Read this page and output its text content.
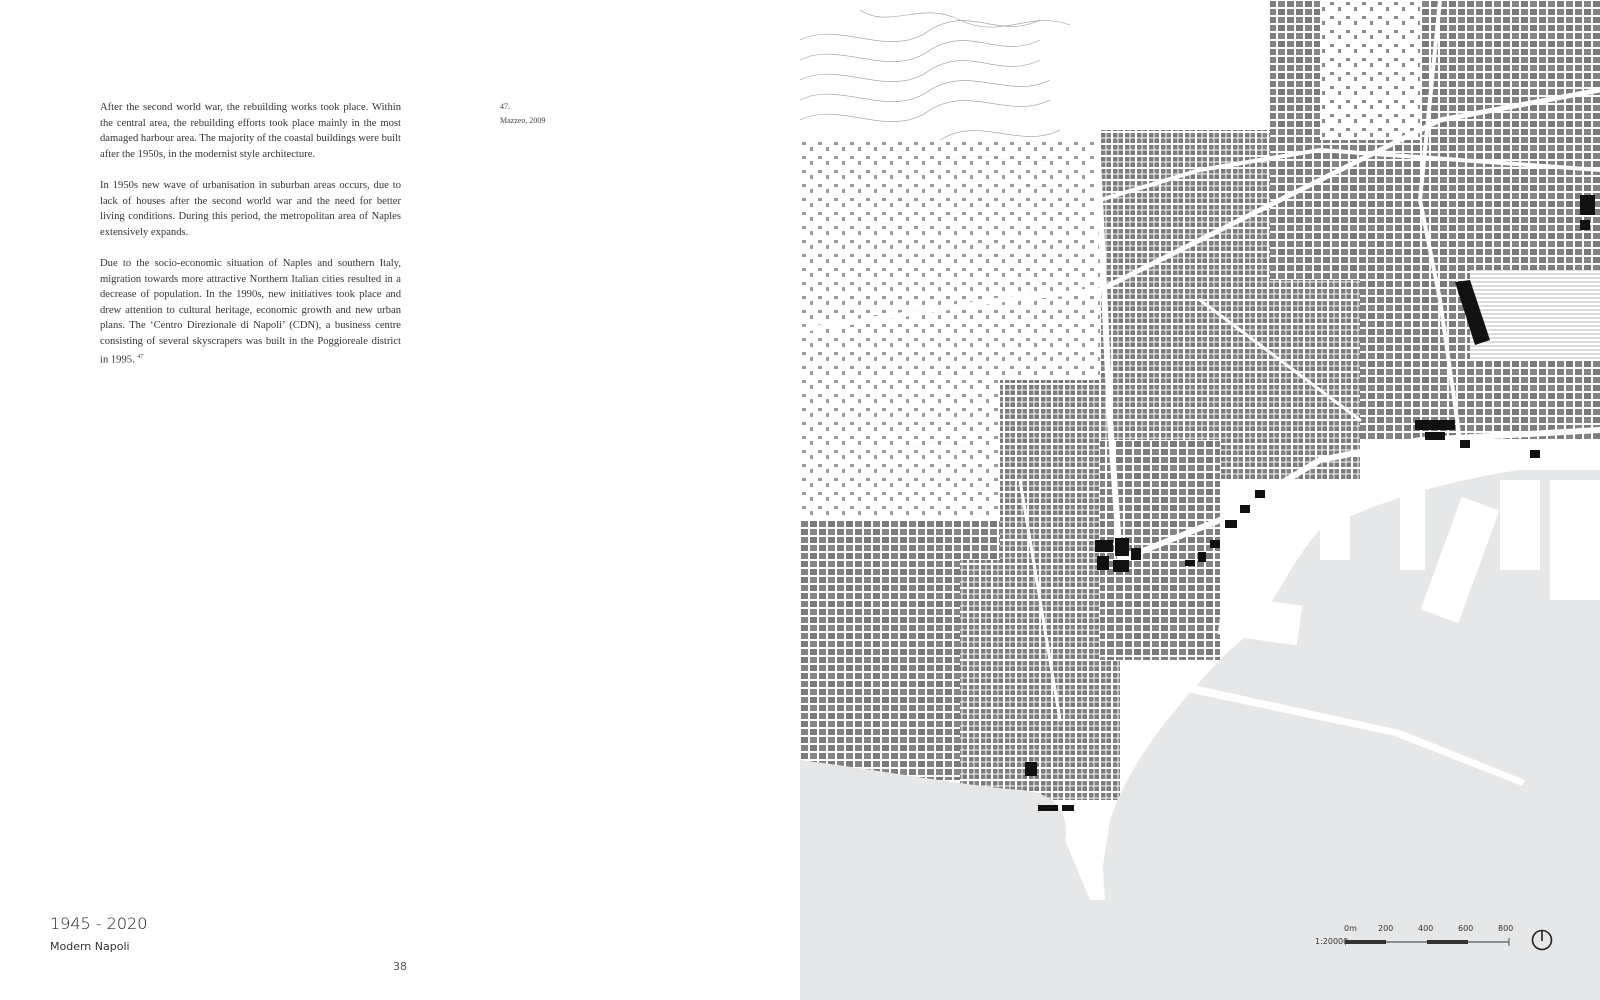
After the second world war, the rebuilding works took place. Within the central area, the rebuilding efforts took place mainly in the most damaged harbour area. The majority of the coastal buildings were built after the 1950s, in the modernist style architecture.

In 1950s new wave of urbanisation in suburban areas occurs, due to lack of houses after the second world war and the need for better living conditions. During this period, the metropolitan area of Naples extensively expands.

Due to the socio-economic situation of Naples and southern Italy, migration towards more attractive Northern Italian cities resulted in a decrease of population. In the 1990s, new initiatives took place and drew attention to cultural heritage, economic growth and new urban plans. The ‘Centro Direzionale di Napoli’ (CDN), a business centre consisting of several skyscrapers was built in the Poggioreale district in 1995. $^{47}$

47.
Mazzeo, 2009
1945 - 2020
Modern Napoli
38
0m	200	400	600	800
1:20000
